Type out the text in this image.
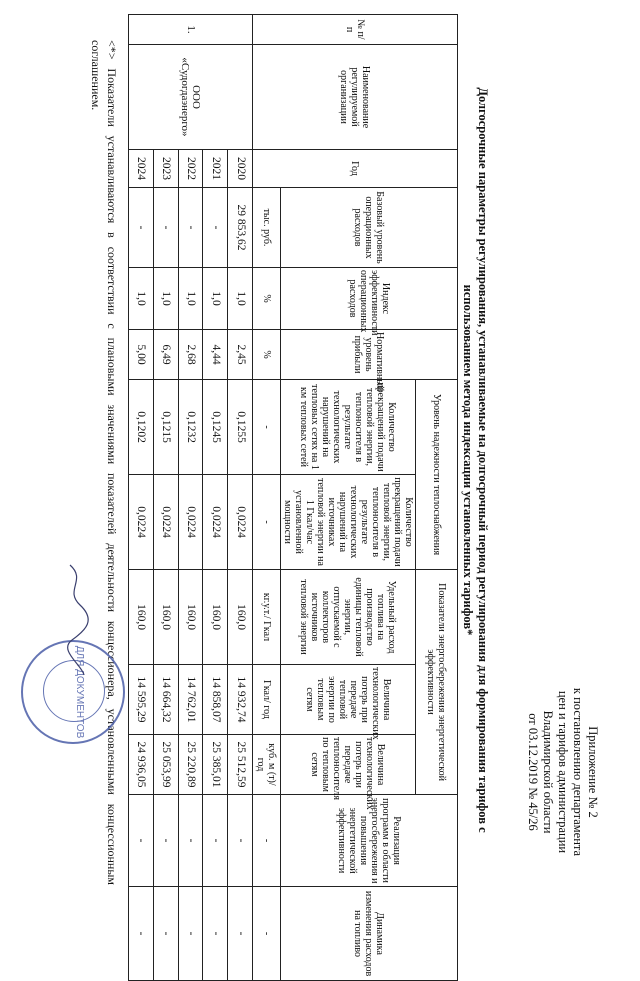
Приложение № 2
к постановлению департамента
цен и тарифов администрации
Владимирской области
от 03.12.2019 № 45/26
Долгосрочные параметры регулирования, устанавливаемые на долгосрочный период регулирования для формирования тарифов с
использованием метода индексации установленных тарифов*
№ п/п	Наименование регулируемой организации	Год	Базовый уровень операционных расходов	Индекс эффективности операционных расходов	Нормативный уровень прибыли	Уровень надежности теплоснабжения		Показатели энергосбережения энергетической эффективности			Реализация программ в области энергосбережения и повышения энергетической эффективности	Динамика изменения расходов на топливо
						Количество прекращений подачи тепловой энергии, теплоносителя в результате технологических нарушений на тепловых сетях на 1 км тепловых сетей	Количество прекращений подачи тепловой энергии, теплоносителя в результате технологических нарушений на источниках тепловой энергии на 1 Гкал/час установленной мощности	Удельный расход топлива на производство единицы тепловой энергии, отпускаемой с коллекторов источников тепловой энергии	Величина технологических потерь при передаче тепловой энергии по тепловым сетям	Величина технологических потерь при передаче теплоносителя по тепловым сетям		
			тыс. руб.	%	%	-	-	кг.у.т./ Гкал	Гкал/ год	куб. м (т)/год	-	-
1.	ООО «Судогдаэнерго»	2020	29 853,62	1,0	2,45	0,1255	0,0224	160,0	14 932,74	25 512,59	-	-
		2021	-	1,0	4,44	0,1245	0,0224	160,0	14 858,07	25 385,01	-	-
		2022	-	1,0	2,68	0,1232	0,0224	160,0	14 762,01	25 220,89	-	-
		2023	-	1,0	6,49	0,1215	0,0224	160,0	14 664,32	25 053,99	-	-
		2024	-	1,0	5,00	0,1202	0,0224	160,0	14 595,29	24 936,05	-	-
<*> Показатели устанавливаются в соответствии с плановыми значениями показателей деятельности концессионера, установленными концессионным соглашением.
ДЛЯ ДОКУМЕНТОВ
